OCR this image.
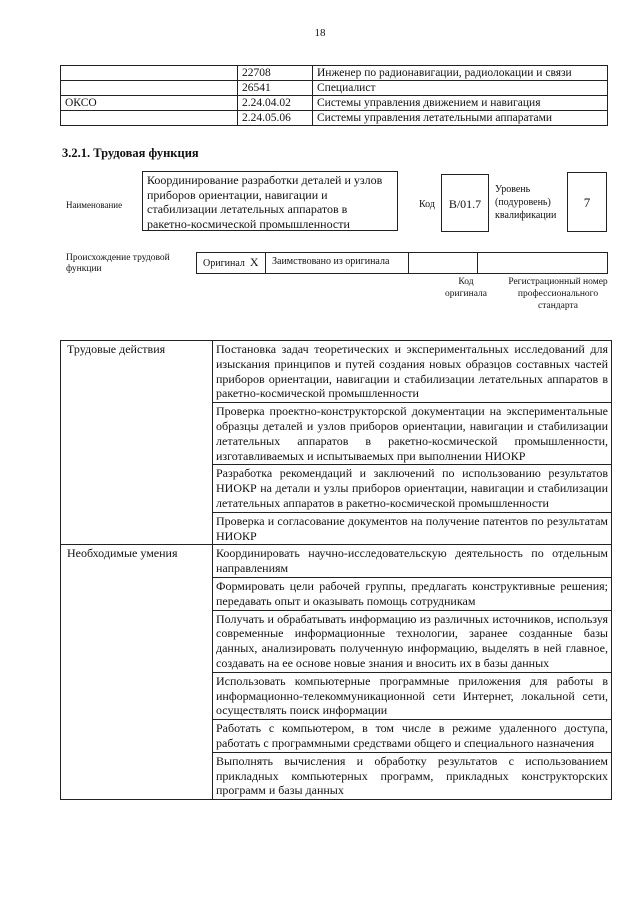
18
	22708	Инженер по радионавигации, радиолокации и связи
	26541	Специалист
ОКСО	2.24.04.02	Системы управления движением и навигация
	2.24.05.06	Системы управления летательными аппаратами
3.2.1. Трудовая функция
Наименование
Координирование разработки деталей и узлов приборов ориентации, навигации и стабилизации летательных аппаратов в ракетно-космической промышленности
Код	B/01.7
Уровень (подуровень) квалификации
7
Происхождение трудовой функции	Оригинал X	Заимствовано из оригинала		
Код оригинала
Регистрационный номер профессионального стандарта
Трудовые действия	Постановка задач теоретических и экспериментальных исследований для изыскания принципов и путей создания новых образцов составных частей приборов ориентации, навигации и стабилизации летательных аппаратов в ракетно-космической промышленности
	Проверка проектно-конструкторской документации на экспериментальные образцы деталей и узлов приборов ориентации, навигации и стабилизации летательных аппаратов в ракетно-космической промышленности, изготавливаемых и испытываемых при выполнении НИОКР
	Разработка рекомендаций и заключений по использованию результатов НИОКР на детали и узлы приборов ориентации, навигации и стабилизации летательных аппаратов в ракетно-космической промышленности
	Проверка и согласование документов на получение патентов по результатам НИОКР
Необходимые умения	Координировать научно-исследовательскую деятельность по отдельным направлениям
	Формировать цели рабочей группы, предлагать конструктивные решения; передавать опыт и оказывать помощь сотрудникам
	Получать и обрабатывать информацию из различных источников, используя современные информационные технологии, заранее созданные базы данных, анализировать полученную информацию, выделять в ней главное, создавать на ее основе новые знания и вносить их в базы данных
	Использовать компьютерные программные приложения для работы в информационно-телекоммуникационной сети Интернет, локальной сети, осуществлять поиск информации
	Работать с компьютером, в том числе в режиме удаленного доступа, работать с программными средствами общего и специального назначения
	Выполнять вычисления и обработку результатов с использованием прикладных компьютерных программ, прикладных конструкторских программ и базы данных
